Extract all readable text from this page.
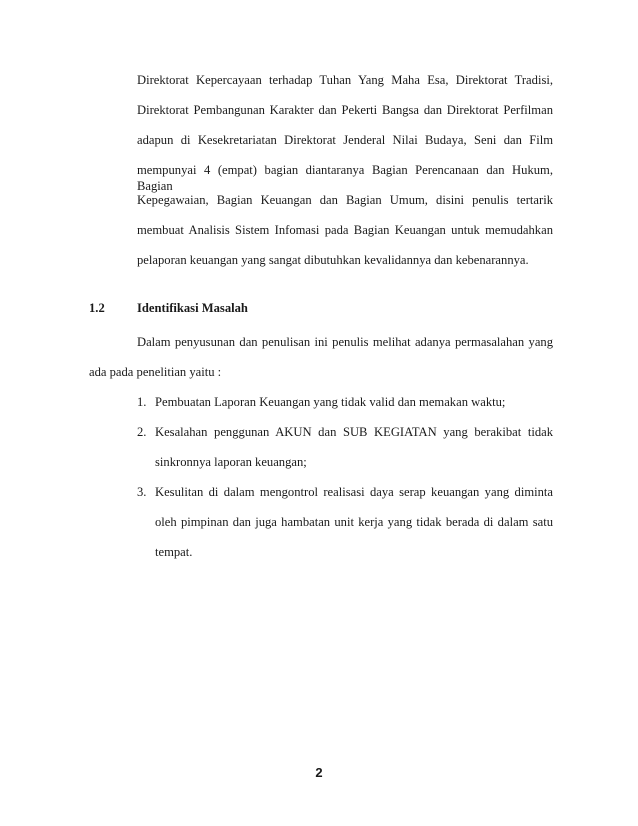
Direktorat Kepercayaan terhadap Tuhan Yang Maha Esa, Direktorat Tradisi,
Direktorat Pembangunan Karakter dan Pekerti Bangsa dan Direktorat Perfilman
adapun di Kesekretariatan Direktorat Jenderal Nilai Budaya, Seni dan Film
mempunyai 4 (empat) bagian diantaranya Bagian Perencanaan dan Hukum, Bagian
Kepegawaian, Bagian Keuangan dan Bagian Umum, disini penulis tertarik
membuat Analisis Sistem Infomasi pada Bagian Keuangan untuk memudahkan
pelaporan keuangan yang sangat dibutuhkan kevalidannya dan kebenarannya.
1.2	Identifikasi Masalah
Dalam penyusunan dan penulisan ini penulis melihat adanya permasalahan yang
ada pada penelitian yaitu :
1. Pembuatan Laporan Keuangan yang tidak valid dan memakan waktu;
2. Kesalahan penggunan AKUN dan SUB KEGIATAN yang berakibat tidak
sinkronnya laporan keuangan;
3. Kesulitan di dalam mengontrol realisasi daya serap keuangan yang diminta
oleh pimpinan dan juga hambatan unit kerja yang tidak berada di dalam satu
tempat.
2
